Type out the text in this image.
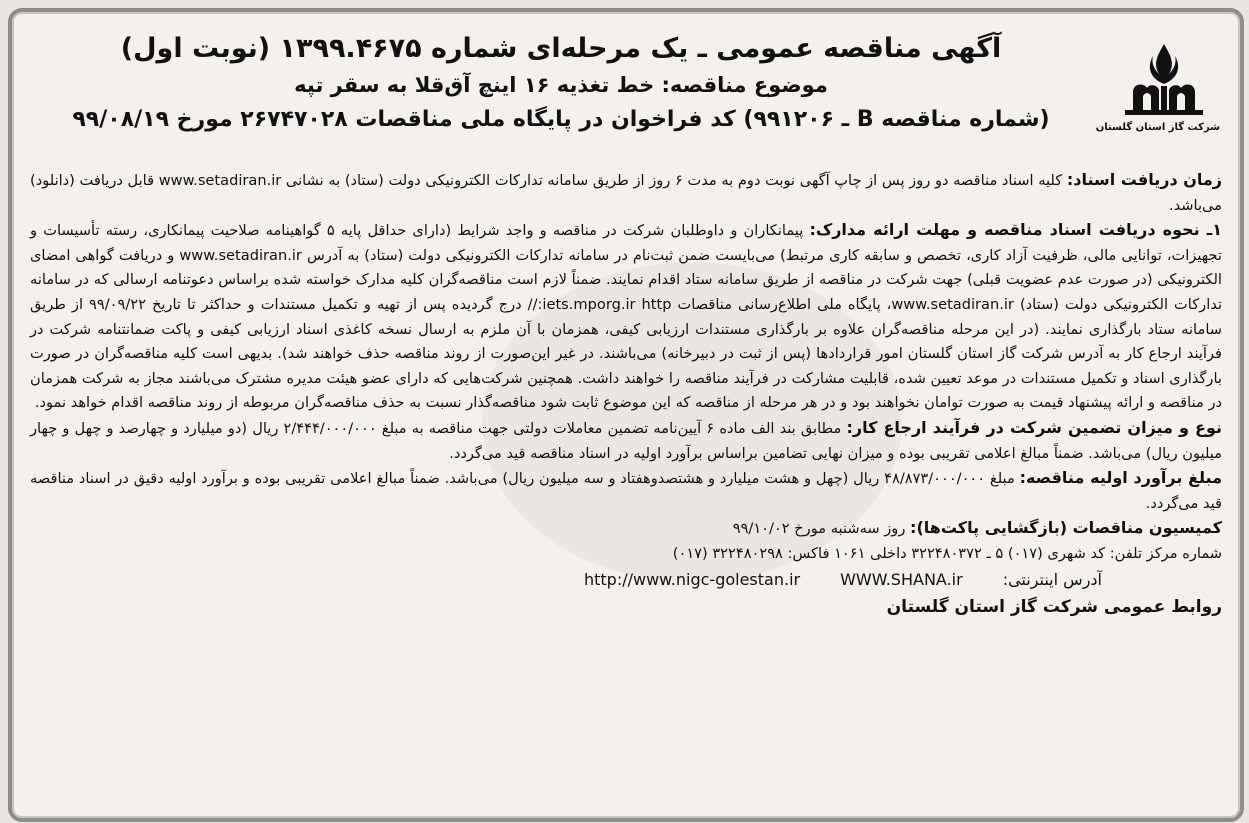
شرکت گاز استان گلستان
آگهی مناقصه عمومی ـ یک مرحله‌ای شماره ۱۳۹۹.۴۶۷۵ (نوبت اول)
موضوع مناقصه: خط تغذیه ۱۶ اینچ آق‌قلا به سقر تپه
(شماره مناقصه B ـ ۹۹۱۲۰۶) کد فراخوان در پایگاه ملی مناقصات ۲۶۷۴۷۰۲۸ مورخ ۹۹/۰۸/۱۹

زمان دریافت اسناد: کلیه اسناد مناقصه دو روز پس از چاپ آگهی نوبت دوم به مدت ۶ روز از طریق سامانه تدارکات الکترونیکی دولت (ستاد) به نشانی www.setadiran.ir قابل دریافت (دانلود) می‌باشد.

۱ـ نحوه دریافت اسناد مناقصه و مهلت ارائه مدارک: پیمانکاران و داوطلبان شرکت در مناقصه و واجد شرایط (دارای حداقل پایه ۵ گواهینامه صلاحیت پیمانکاری، رسته تأسیسات و تجهیزات، توانایی مالی، ظرفیت آزاد کاری، تخصص و سابقه کاری مرتبط) می‌بایست ضمن ثبت‌نام در سامانه تدارکات الکترونیکی دولت (ستاد) به آدرس www.setadiran.ir و دریافت گواهی امضای الکترونیکی (در صورت عدم عضویت قبلی) جهت شرکت در مناقصه از طریق سامانه ستاد اقدام نمایند. ضمناً لازم است مناقصه‌گران کلیه مدارک خواسته شده براساس دعوتنامه ارسالی که در سامانه تدارکات الکترونیکی دولت (ستاد) www.setadiran.ir، پایگاه ملی اطلاع‌رسانی مناقصات iets.mporg.ir http:// درج گردیده پس از تهیه و تکمیل مستندات و حداکثر تا تاریخ ۹۹/۰۹/۲۲ از طریق سامانه ستاد بارگذاری نمایند. (در این مرحله مناقصه‌گران علاوه بر بارگذاری مستندات ارزیابی کیفی، همزمان با آن ملزم به ارسال نسخه کاغذی اسناد ارزیابی کیفی و پاکت ضمانتنامه شرکت در فرآیند ارجاع کار به آدرس شرکت گاز استان گلستان امور قراردادها (پس از ثبت در دبیرخانه) می‌باشند. در غیر این‌صورت از روند مناقصه حذف خواهند شد). بدیهی است کلیه مناقصه‌گران در صورت بارگذاری اسناد و تکمیل مستندات در موعد تعیین شده، قابلیت مشارکت در فرآیند مناقصه را خواهند داشت. همچنین شرکت‌هایی که دارای عضو هیئت مدیره مشترک می‌باشند مجاز به شرکت همزمان در مناقصه و ارائه پیشنهاد قیمت به صورت توامان نخواهند بود و در هر مرحله از مناقصه که این موضوع ثابت شود مناقصه‌گذار نسبت به حذف مناقصه‌گران مربوطه از روند مناقصه اقدام خواهد نمود.

نوع و میزان تضمین شرکت در فرآیند ارجاع کار: مطابق بند الف ماده ۶ آیین‌نامه تضمین معاملات دولتی جهت مناقصه به مبلغ ۲/۴۴۴/۰۰۰/۰۰۰ ریال (دو میلیارد و چهارصد و چهل و چهار میلیون ریال) می‌باشد. ضمناً مبالغ اعلامی تقریبی بوده و میزان نهایی تضامین براساس برآورد اولیه در اسناد مناقصه قید می‌گردد.

مبلغ برآورد اولیه مناقصه: مبلغ ۴۸/۸۷۳/۰۰۰/۰۰۰ ریال (چهل و هشت میلیارد و هشتصدوهفتاد و سه میلیون ریال) می‌باشد. ضمناً مبالغ اعلامی تقریبی بوده و برآورد اولیه دقیق در اسناد مناقصه قید می‌گردد.

کمیسیون مناقصات (بازگشایی پاکت‌ها): روز سه‌شنبه مورخ ۹۹/۱۰/۰۲

شماره مرکز تلفن: کد شهری (۰۱۷) ۵ ـ ۳۲۲۴۸۰۳۷۲ داخلی ۱۰۶۱ فاکس: ۳۲۲۴۸۰۲۹۸ (۰۱۷)
آدرس اینترنتی:
WWW.SHANA.ir
http://www.nigc-golestan.ir
روابط عمومی شرکت گاز استان گلستان
